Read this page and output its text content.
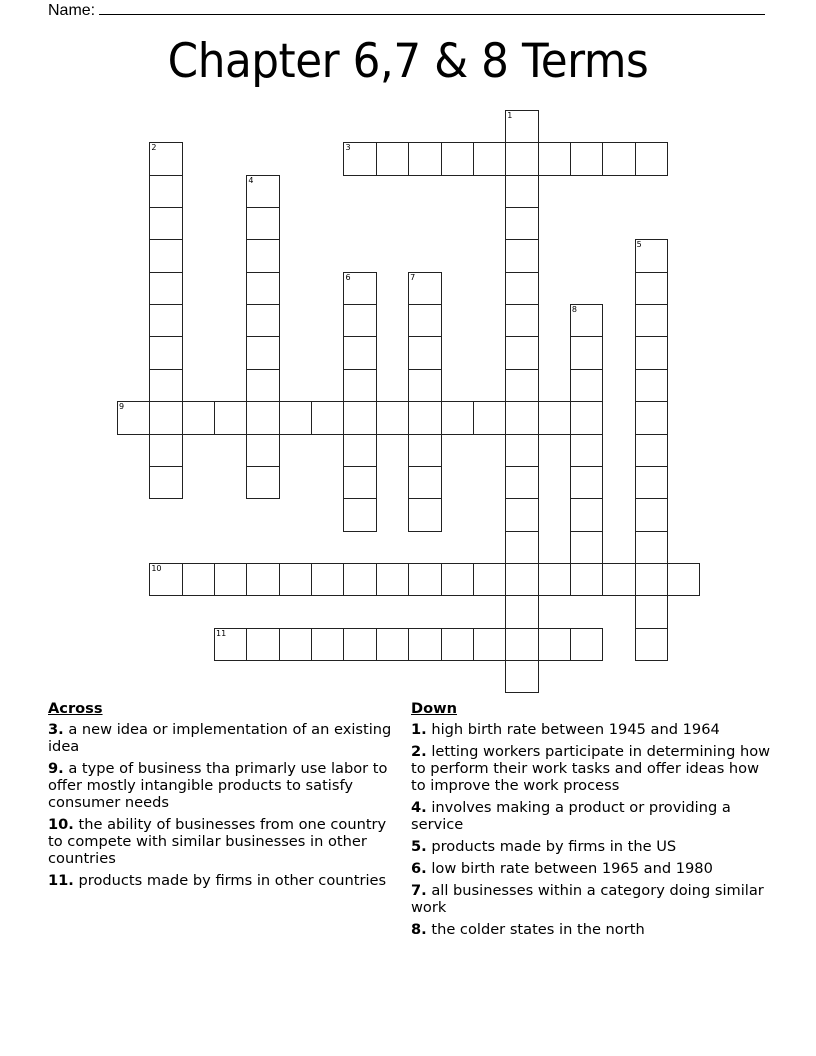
Name:
Chapter 6,7 & 8 Terms
1
2	3
4
5
6	7
8
9
10
11
Across
3. a new idea or implementation of an existing idea
9. a type of business tha primarly use labor to offer mostly intangible products to satisfy consumer needs
10. the ability of businesses from one country to compete with similar businesses in other countries
11. products made by firms in other countries
Down
1. high birth rate between 1945 and 1964
2. letting workers participate in determining how to perform their work tasks and offer ideas how to improve the work process
4. involves making a product or providing a service
5. products made by firms in the US
6. low birth rate between 1965 and 1980
7. all businesses within a category doing similar work
8. the colder states in the north
